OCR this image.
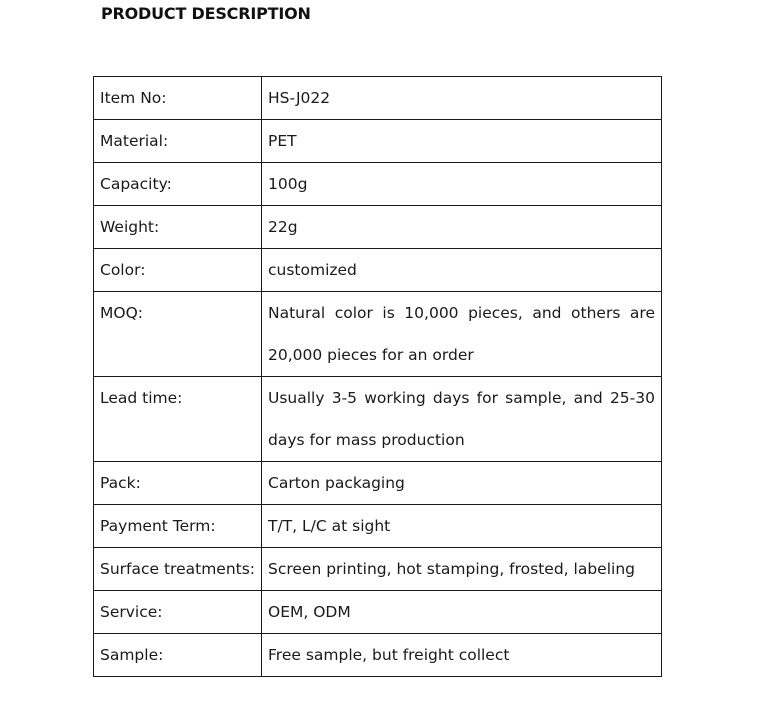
PRODUCT DESCRIPTION
Item No:	HS-J022
Material:	PET
Capacity:	100g
Weight:	22g
Color:	customized
MOQ:	Natural color is 10,000 pieces, and others are 20,000 pieces for an order
Lead time:	Usually 3-5 working days for sample, and 25-30 days for mass production
Pack:	Carton packaging
Payment Term:	T/T, L/C at sight
Surface treatments:	Screen printing, hot stamping, frosted, labeling
Service:	OEM, ODM
Sample:	Free sample, but freight collect
